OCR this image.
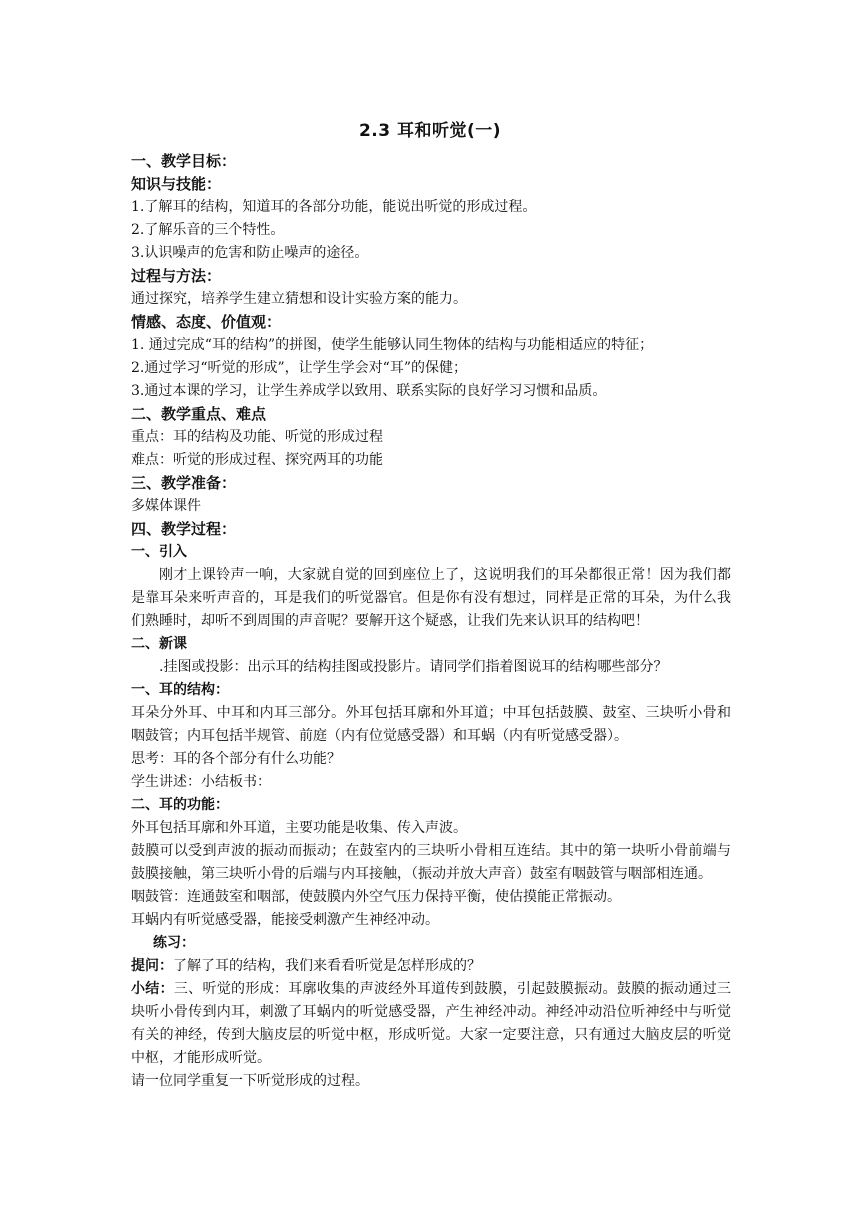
2.3 耳和听觉(一)
一、教学目标：
知识与技能：
1.了解耳的结构，知道耳的各部分功能，能说出听觉的形成过程。
2.了解乐音的三个特性。
3.认识噪声的危害和防止噪声的途径。
过程与方法：
通过探究，培养学生建立猜想和设计实验方案的能力。
情感、态度、价值观：
1. 通过完成“耳的结构”的拼图，使学生能够认同生物体的结构与功能相适应的特征；
2.通过学习“听觉的形成”，让学生学会对“耳”的保健；
3.通过本课的学习，让学生养成学以致用、联系实际的良好学习习惯和品质。
二、教学重点、难点
重点：耳的结构及功能、听觉的形成过程
难点：听觉的形成过程、探究两耳的功能
三、教学准备：
多媒体课件
四、教学过程：
一、引入
刚才上课铃声一响，大家就自觉的回到座位上了，这说明我们的耳朵都很正常！因为我们都是靠耳朵来听声音的，耳是我们的听觉器官。但是你有没有想过，同样是正常的耳朵，为什么我们熟睡时，却听不到周围的声音呢？要解开这个疑惑，让我们先来认识耳的结构吧！
二、新课
.挂图或投影：出示耳的结构挂图或投影片。请同学们指着图说耳的结构哪些部分？
一、耳的结构：
耳朵分外耳、中耳和内耳三部分。外耳包括耳廓和外耳道；中耳包括鼓膜、鼓室、三块听小骨和咽鼓管；内耳包括半规管、前庭（内有位觉感受器）和耳蜗（内有听觉感受器）。
思考：耳的各个部分有什么功能？
学生讲述：小结板书：
二、耳的功能：
外耳包括耳廓和外耳道，主要功能是收集、传入声波。
鼓膜可以受到声波的振动而振动；在鼓室内的三块听小骨相互连结。其中的第一块听小骨前端与鼓膜接触，第三块听小骨的后端与内耳接触，（振动并放大声音）鼓室有咽鼓管与咽部相连通。
咽鼓管：连通鼓室和咽部，使鼓膜内外空气压力保持平衡，使估摸能正常振动。
耳蜗内有听觉感受器，能接受刺激产生神经冲动。
练习：
提问：了解了耳的结构，我们来看看听觉是怎样形成的？
小结：三、听觉的形成：耳廓收集的声波经外耳道传到鼓膜，引起鼓膜振动。鼓膜的振动通过三块听小骨传到内耳，刺激了耳蜗内的听觉感受器，产生神经冲动。神经冲动沿位听神经中与听觉有关的神经，传到大脑皮层的听觉中枢，形成听觉。大家一定要注意，只有通过大脑皮层的听觉中枢，才能形成听觉。
请一位同学重复一下听觉形成的过程。
